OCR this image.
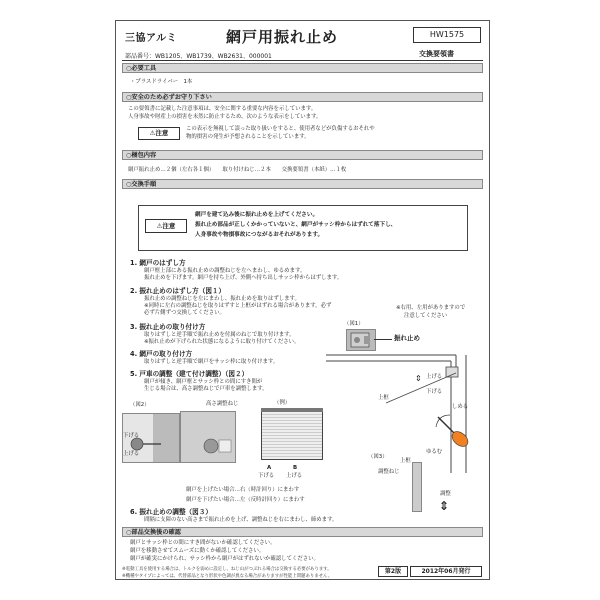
三協アルミ	網戸用振れ止め	HW1575
部品番号：WB1205、WB1739、WB2631、000001	交換要領書
○必要工具
・プラスドライバー　1本
○安全のため必ずお守り下さい
この要領書に記載した注意事項は、安全に関する重要な内容を示しています。
人身事故や財産上の損害を未然に防止するため、次のような表示をしています。
⚠注意	この表示を無視して誤った取り扱いをすると、使用者などが負傷するおそれや
物的損害の発生が予想されることを示しています。
○梱包内容
網戸振れ止め…２個（左右各１個）　　取り付けねじ…２本　　交換要領書（本紙）…１枚
○交換手順
⚠注意
網戸を建て込み後に振れ止めを上げてください。
振れ止め部品が正しくかかっていないと、網戸がサッシ枠からはずれて落下し、
人身事故や物損事故につながるおそれがあります。
1. 網戸のはずし方
網戸框上部にある振れ止めの調整ねじを左へまわし、ゆるめます。
振れ止めを下げます。網戸を持ち上げ、外側へ持ち出しサッシ枠からはずします。
2. 振れ止めのはずし方（図１）
振れ止めの調整ねじを左にまわし、振れ止めを取りはずします。
※同時に左右の調整ねじを取りはずすと上框がはずれる場合があります。必ず
必ず片側ずつ交換してください。
3. 振れ止めの取り付け方
取りはずしと逆手順で振れ止めを付属のねじで取り付けます。
※振れ止めが下げられた状態になるように取り付けてください。
4. 網戸の取り付け方
取りはずしと逆手順で網戸をサッシ枠に取り付けます。
5. 戸車の調整（建て付け調整）（図２）
網戸が傾き、網戸框とサッシ枠との間にすき間が
生じる場合は、高さ調整ねじで戸車を調整します。
※右用、左用がありますので
注意してください
（図1）
振れ止め
上げる
下げる
⇕
上框
しめる
ゆるむ
（図3）
上框
調整ねじ
調整
⇕
（図2）	高さ調整ねじ
下げる
上げる
（例）
A	B
下げる 上げる
網戸を上げたい場合…右（時計回り）にまわす
網戸を下げたい場合…左（反時計回り）にまわす
6. 振れ止めの調整（図３）
間隔に支障のない高さまで振れ止めを上げ、調整ねじを右にまわし、締めます。
○部品交換後の確認
網戸とサッシ枠との間にすき間がないか確認してください。
網戸を移動させてスムーズに動くか確認してください。
網戸が確実にかけられ、サッシ枠から網戸がはずれないか確認してください。
※電動工具を使用する場合は、トルクを弱めに設定し、ねじ山がつぶれる場合は交換する必要があります。
※機種やタイプによっては、代替部品となり形状や色調が異なる場合がありますが性能上問題ありません。
第2版	2012年06月発行
